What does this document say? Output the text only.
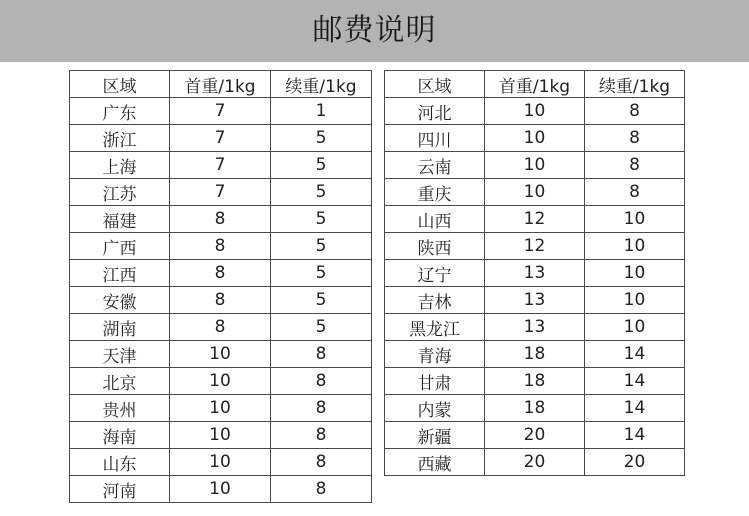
邮费说明
区域	首重/1kg	续重/1kg
广东	7	1
浙江	7	5
上海	7	5
江苏	7	5
福建	8	5
广西	8	5
江西	8	5
安徽	8	5
湖南	8	5
天津	10	8
北京	10	8
贵州	10	8
海南	10	8
山东	10	8
河南	10	8
区域	首重/1kg	续重/1kg
河北	10	8
四川	10	8
云南	10	8
重庆	10	8
山西	12	10
陕西	12	10
辽宁	13	10
吉林	13	10
黑龙江	13	10
青海	18	14
甘肃	18	14
内蒙	18	14
新疆	20	14
西藏	20	20
